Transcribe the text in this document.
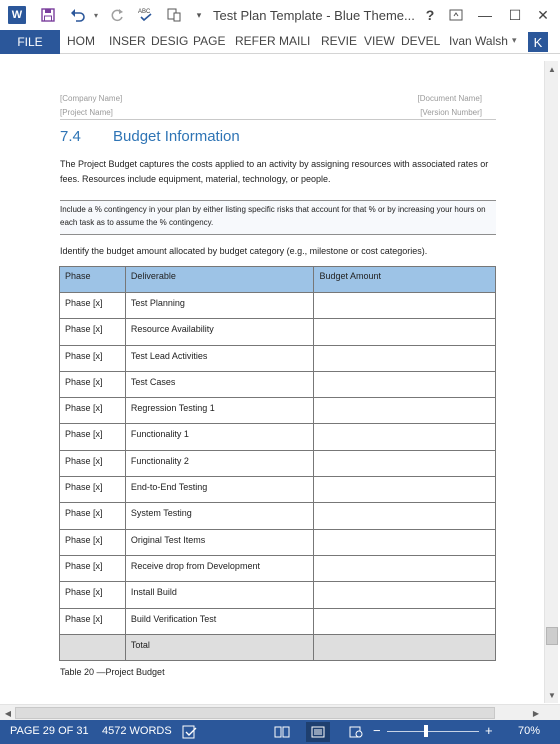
W	▾	ABC	▾ Test Plan Template - Blue Theme... ?	—	☐	✕
FILE	HOM INSER DESIG PAGE REFER MAILI REVIE VIEW DEVEL Ivan Walsh ▾	K
[Company Name]
[Project Name]
[Document Name]
[Version Number]
7.4 Budget Information
The Project Budget captures the costs applied to an activity by assigning resources with associated rates or fees. Resources include equipment, material, technology, or people.
Include a % contingency in your plan by either listing specific risks that account for that % or by increasing your hours on each task as to assume the % contingency.
Identify the budget amount allocated by budget category (e.g., milestone or cost categories).
Phase	Deliverable	Budget Amount
Phase [x]	Test Planning	
Phase [x]	Resource Availability	
Phase [x]	Test Lead Activities	
Phase [x]	Test Cases	
Phase [x]	Regression Testing 1	
Phase [x]	Functionality 1	
Phase [x]	Functionality 2	
Phase [x]	End-to-End Testing	
Phase [x]	System Testing	
Phase [x]	Original Test Items	
Phase [x]	Receive drop from Development	
Phase [x]	Install Build	
Phase [x]	Build Verification Test	
	Total	
Table 20 —Project Budget
▲
▼
◀	▶
PAGE 29 OF 31 4572 WORDS	−	+ 70%
